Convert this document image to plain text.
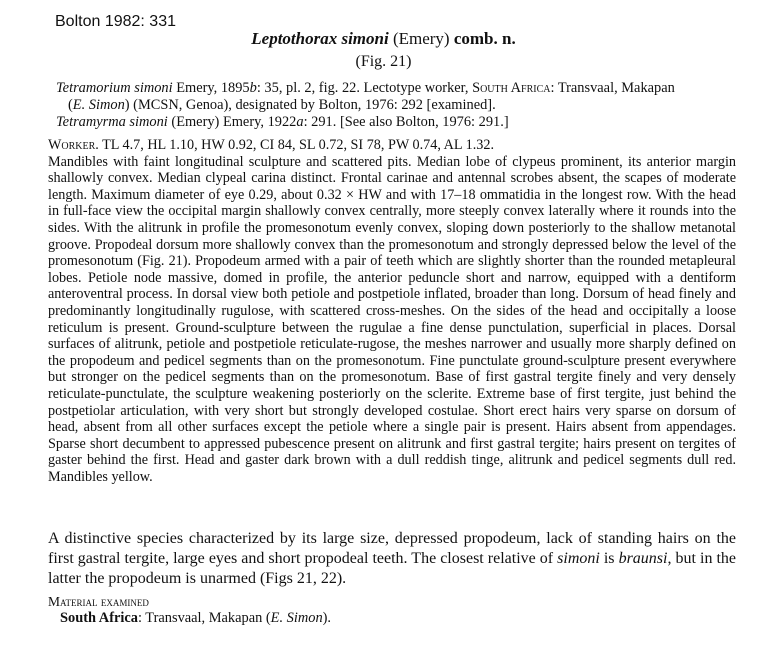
Bolton 1982: 331
Leptothorax simoni (Emery) comb. n.
(Fig. 21)

Tetramorium simoni Emery, 1895b: 35, pl. 2, fig. 22. Lectotype worker, South Africa: Transvaal, Makapan

(E. Simon) (MCSN, Genoa), designated by Bolton, 1976: 292 [examined].

Tetramyrma simoni (Emery) Emery, 1922a: 291. [See also Bolton, 1976: 291.]

Worker. TL 4.7, HL 1.10, HW 0.92, CI 84, SL 0.72, SI 78, PW 0.74, AL 1.32.
Mandibles with faint longitudinal sculpture and scattered pits. Median lobe of clypeus prominent, its anterior margin shallowly convex. Median clypeal carina distinct. Frontal carinae and antennal scrobes absent, the scapes of moderate length. Maximum diameter of eye 0.29, about 0.32 × HW and with 17–18 ommatidia in the longest row. With the head in full-face view the occipital margin shallowly convex centrally, more steeply convex laterally where it rounds into the sides. With the alitrunk in profile the promesonotum evenly convex, sloping down posteriorly to the shallow metanotal groove. Propodeal dorsum more shallowly convex than the promesonotum and strongly depressed below the level of the promesonotum (Fig. 21). Propodeum armed with a pair of teeth which are slightly shorter than the rounded metapleural lobes. Petiole node massive, domed in profile, the anterior peduncle short and narrow, equipped with a dentiform anteroventral process. In dorsal view both petiole and postpetiole inflated, broader than long. Dorsum of head finely and predominantly longitudinally rugulose, with scattered cross-meshes. On the sides of the head and occipitally a loose reticulum is present. Ground-sculpture between the rugulae a fine dense punctulation, superficial in places. Dorsal surfaces of alitrunk, petiole and postpetiole reticulate-rugose, the meshes narrower and usually more sharply defined on the propodeum and pedicel segments than on the promesonotum. Fine punctulate ground-sculpture present everywhere but stronger on the pedicel segments than on the promesonotum. Base of first gastral tergite finely and very densely reticulate-punctulate, the sculpture weakening posteriorly on the sclerite. Extreme base of first tergite, just behind the postpetiolar articulation, with very short but strongly developed costulae. Short erect hairs very sparse on dorsum of head, absent from all other surfaces except the petiole where a single pair is present. Hairs absent from appendages. Sparse short decumbent to appressed pubescence present on alitrunk and first gastral tergite; hairs present on tergites of gaster behind the first. Head and gaster dark brown with a dull reddish tinge, alitrunk and pedicel segments dull red. Mandibles yellow.

A distinctive species characterized by its large size, depressed propodeum, lack of standing hairs on the first gastral tergite, large eyes and short propodeal teeth. The closest relative of simoni is braunsi, but in the latter the propodeum is unarmed (Figs 21, 22).

Material examined
South Africa: Transvaal, Makapan (E. Simon).
